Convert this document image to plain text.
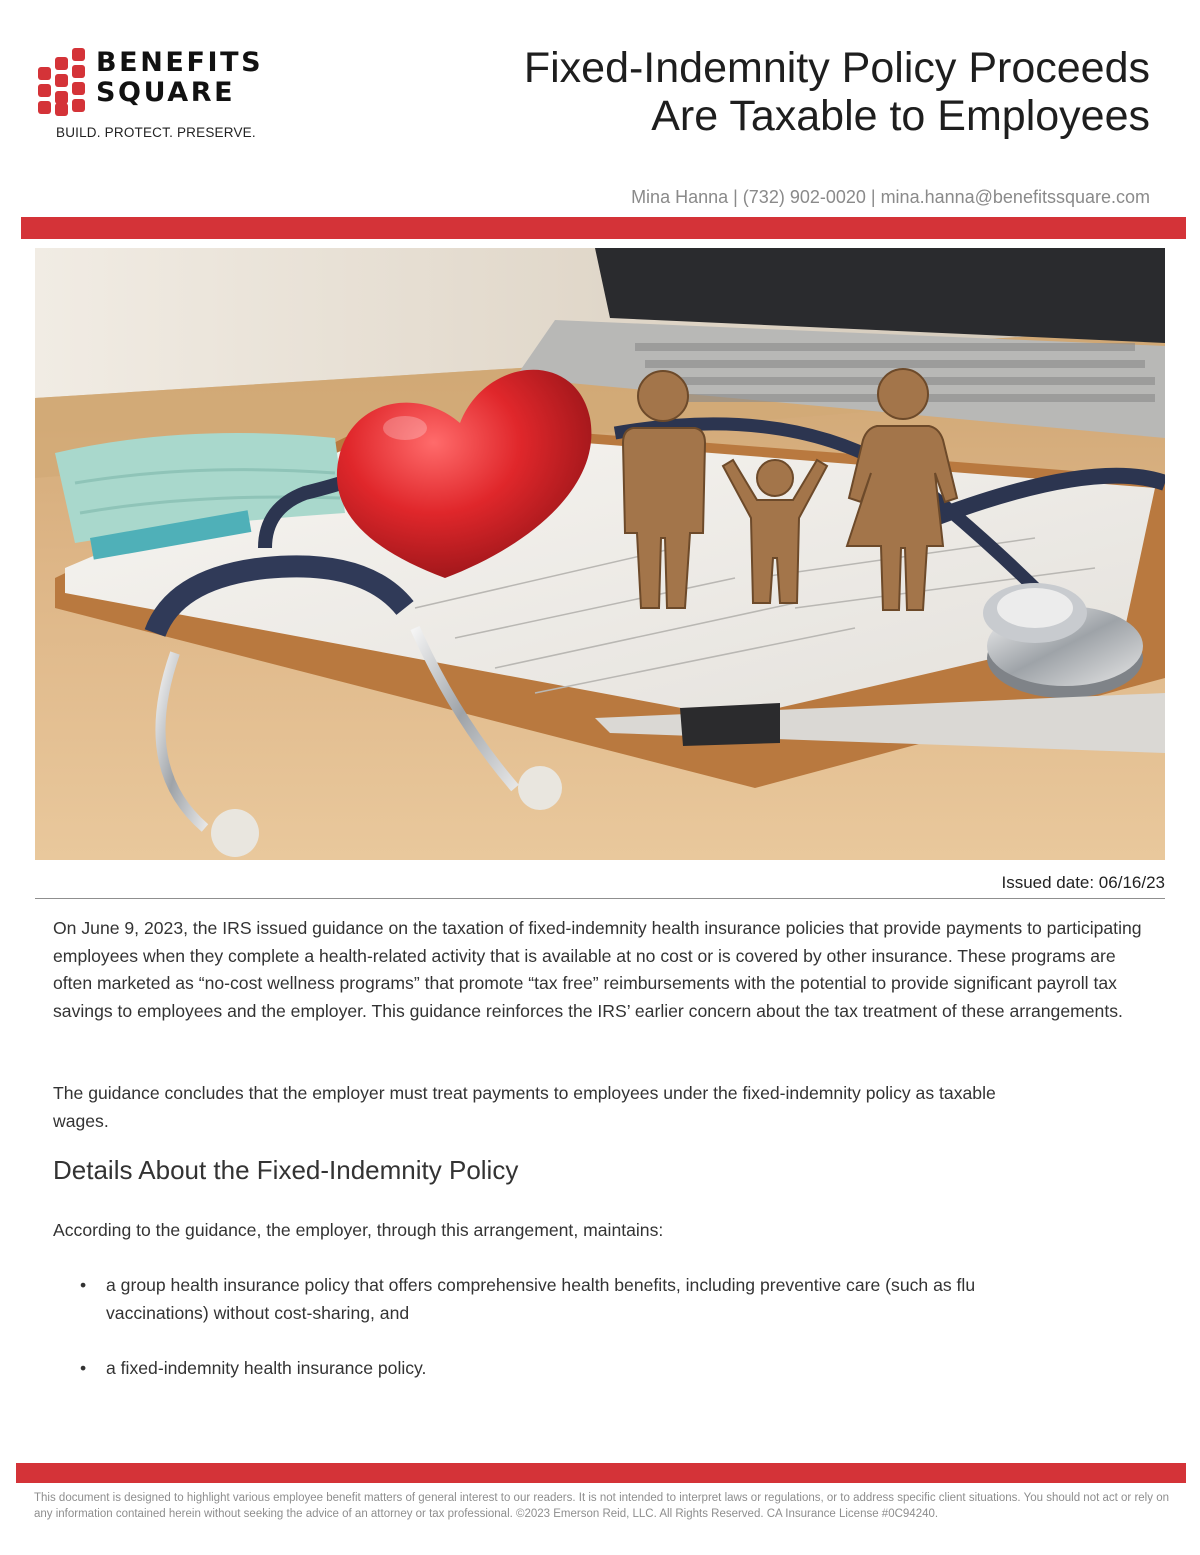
BENEFITS
SQUARE
BUILD. PROTECT. PRESERVE.
Fixed-Indemnity Policy Proceeds
Are Taxable to Employees
Mina Hanna | (732) 902-0020 | mina.hanna@benefitssquare.com
Issued date: 06/16/23

On June 9, 2023, the IRS issued guidance on the taxation of fixed-indemnity health insurance policies that provide payments to participating employees when they complete a health-related activity that is available at no cost or is covered by other insurance. These programs are often marketed as “no-cost wellness programs” that promote “tax free” reimbursements with the potential to provide significant payroll tax savings to employees and the employer. This guidance reinforces the IRS’ earlier concern about the tax treatment of these arrangements.

The guidance concludes that the employer must treat payments to employees under the fixed-indemnity policy as taxable wages.

Details About the Fixed-Indemnity Policy

According to the guidance, the employer, through this arrangement, maintains:

• a group health insurance policy that offers comprehensive health benefits, including preventive care (such as flu vaccinations) without cost-sharing, and
• a fixed-indemnity health insurance policy.
This document is designed to highlight various employee benefit matters of general interest to our readers. It is not intended to interpret laws or regulations, or to address specific client situations. You should not act or rely on any information contained herein without seeking the advice of an attorney or tax professional. ©2023 Emerson Reid, LLC. All Rights Reserved. CA Insurance License #0C94240.
